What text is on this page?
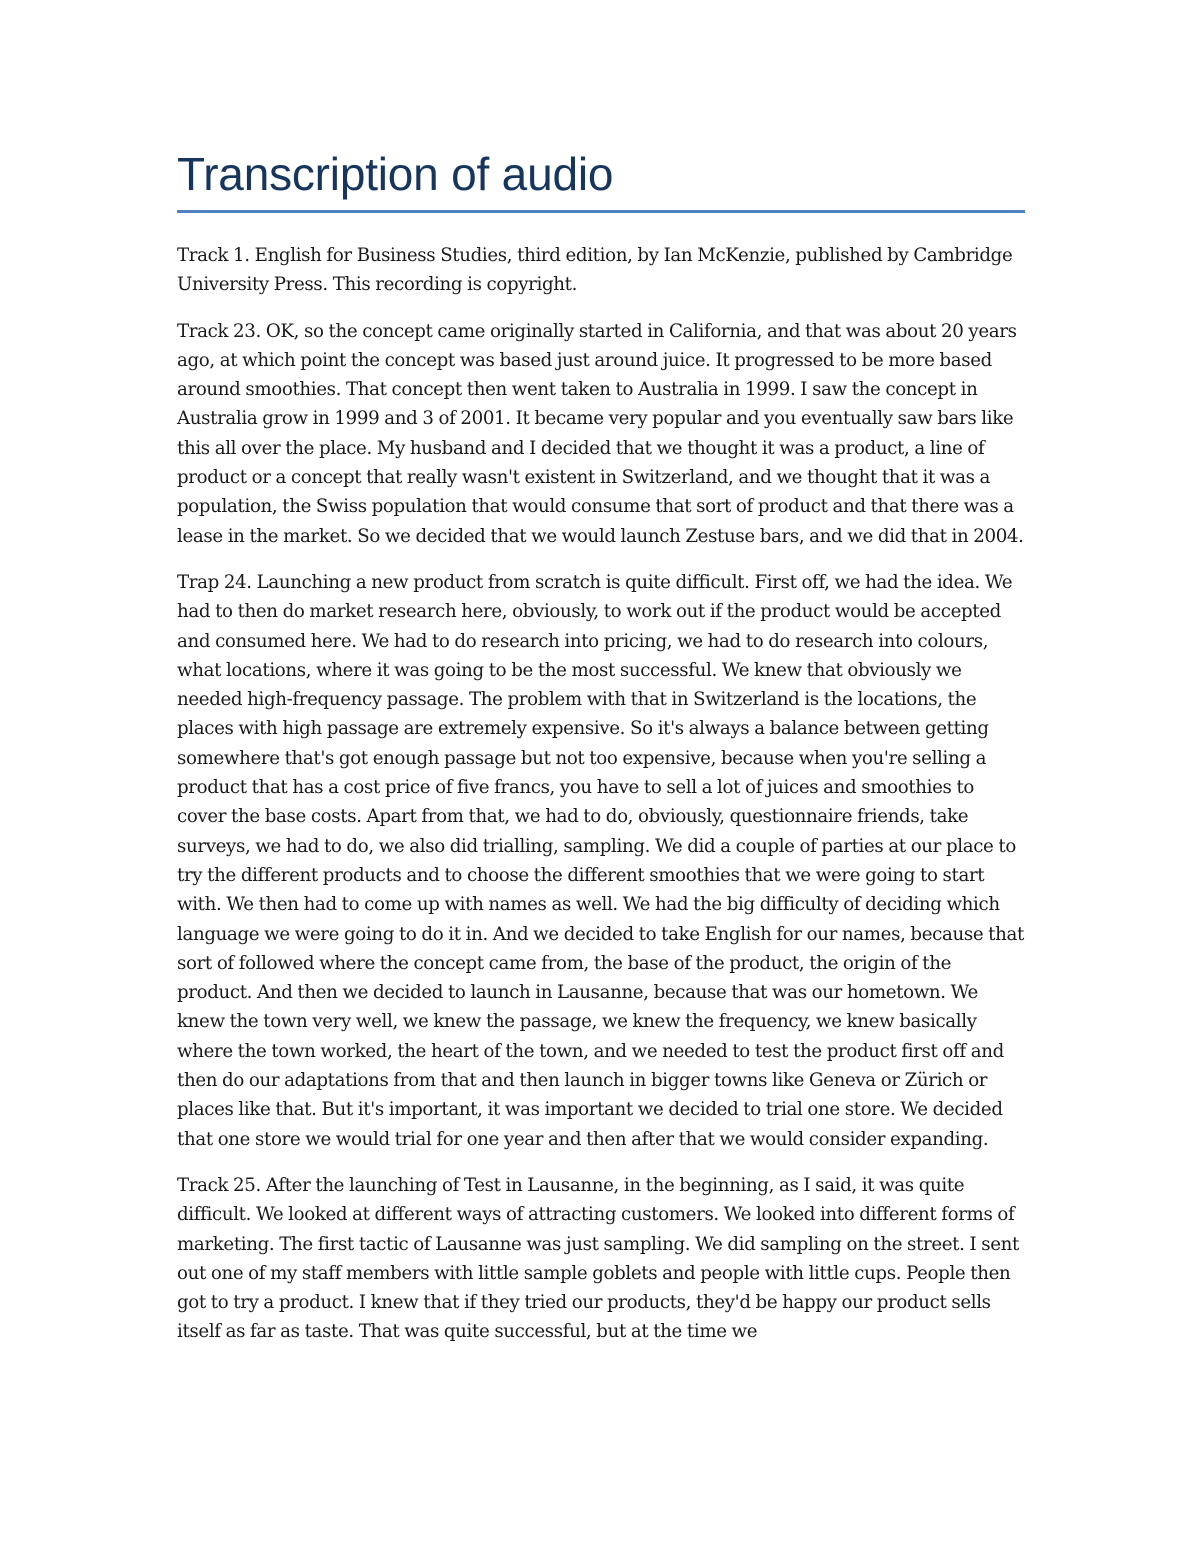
Transcription of audio

Track 1. English for Business Studies, third edition, by Ian McKenzie, published by Cambridge University Press. This recording is copyright.

Track 23. OK, so the concept came originally started in California, and that was about 20 years ago, at which point the concept was based just around juice. It progressed to be more based around smoothies. That concept then went taken to Australia in 1999. I saw the concept in Australia grow in 1999 and 3 of 2001. It became very popular and you eventually saw bars like this all over the place. My husband and I decided that we thought it was a product, a line of product or a concept that really wasn't existent in Switzerland, and we thought that it was a population, the Swiss population that would consume that sort of product and that there was a lease in the market. So we decided that we would launch Zestuse bars, and we did that in 2004.

Trap 24. Launching a new product from scratch is quite difficult. First off, we had the idea. We had to then do market research here, obviously, to work out if the product would be accepted and consumed here. We had to do research into pricing, we had to do research into colours, what locations, where it was going to be the most successful. We knew that obviously we needed high-frequency passage. The problem with that in Switzerland is the locations, the places with high passage are extremely expensive. So it's always a balance between getting somewhere that's got enough passage but not too expensive, because when you're selling a product that has a cost price of five francs, you have to sell a lot of juices and smoothies to cover the base costs. Apart from that, we had to do, obviously, questionnaire friends, take surveys, we had to do, we also did trialling, sampling. We did a couple of parties at our place to try the different products and to choose the different smoothies that we were going to start with. We then had to come up with names as well. We had the big difficulty of deciding which language we were going to do it in. And we decided to take English for our names, because that sort of followed where the concept came from, the base of the product, the origin of the product. And then we decided to launch in Lausanne, because that was our hometown. We knew the town very well, we knew the passage, we knew the frequency, we knew basically where the town worked, the heart of the town, and we needed to test the product first off and then do our adaptations from that and then launch in bigger towns like Geneva or Zürich or places like that. But it's important, it was important we decided to trial one store. We decided that one store we would trial for one year and then after that we would consider expanding.

Track 25. After the launching of Test in Lausanne, in the beginning, as I said, it was quite difficult. We looked at different ways of attracting customers. We looked into different forms of marketing. The first tactic of Lausanne was just sampling. We did sampling on the street. I sent out one of my staff members with little sample goblets and people with little cups. People then got to try a product. I knew that if they tried our products, they'd be happy our product sells itself as far as taste. That was quite successful, but at the time we
